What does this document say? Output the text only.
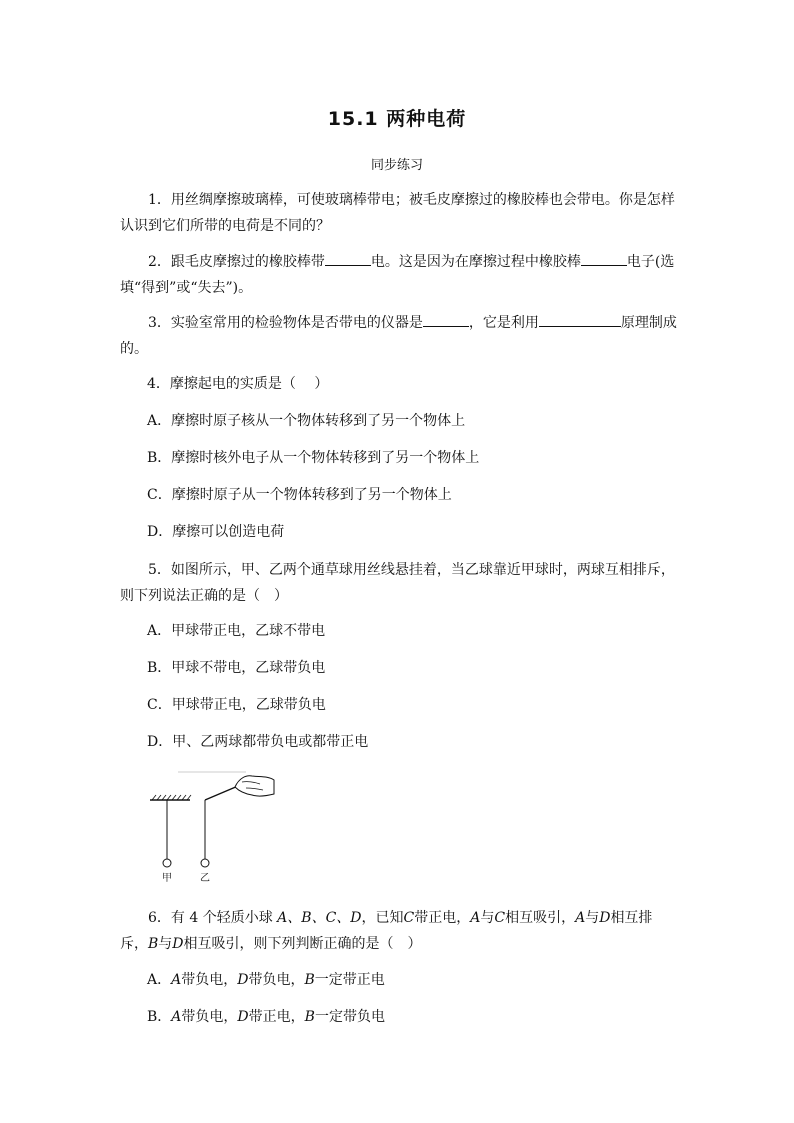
15.1 两种电荷
同步练习
1．用丝绸摩擦玻璃棒，可使玻璃棒带电；被毛皮摩擦过的橡胶棒也会带电。你是怎样认识到它们所带的电荷是不同的？
2．跟毛皮摩擦过的橡胶棒带	电。这是因为在摩擦过程中橡胶棒	电子(选填“得到”或“失去”)。
3．实验室常用的检验物体是否带电的仪器是	，它是利用	原理制成的。
4．摩擦起电的实质是（　 ）
A．摩擦时原子核从一个物体转移到了另一个物体上
B．摩擦时核外电子从一个物体转移到了另一个物体上
C．摩擦时原子从一个物体转移到了另一个物体上
D．摩擦可以创造电荷
5．如图所示，甲、乙两个通草球用丝线悬挂着，当乙球靠近甲球时，两球互相排斥，则下列说法正确的是（　）
A．甲球带正电，乙球不带电
B．甲球不带电，乙球带负电
C．甲球带正电，乙球带负电
D．甲、乙两球都带负电或都带正电
甲	乙
6．有 4 个轻质小球 A、B、C、D，已知C带正电，A与C相互吸引，A与D相互排斥，B与D相互吸引，则下列判断正确的是（　）
A．A带负电，D带负电，B一定带正电
B．A带负电，D带正电，B一定带负电
